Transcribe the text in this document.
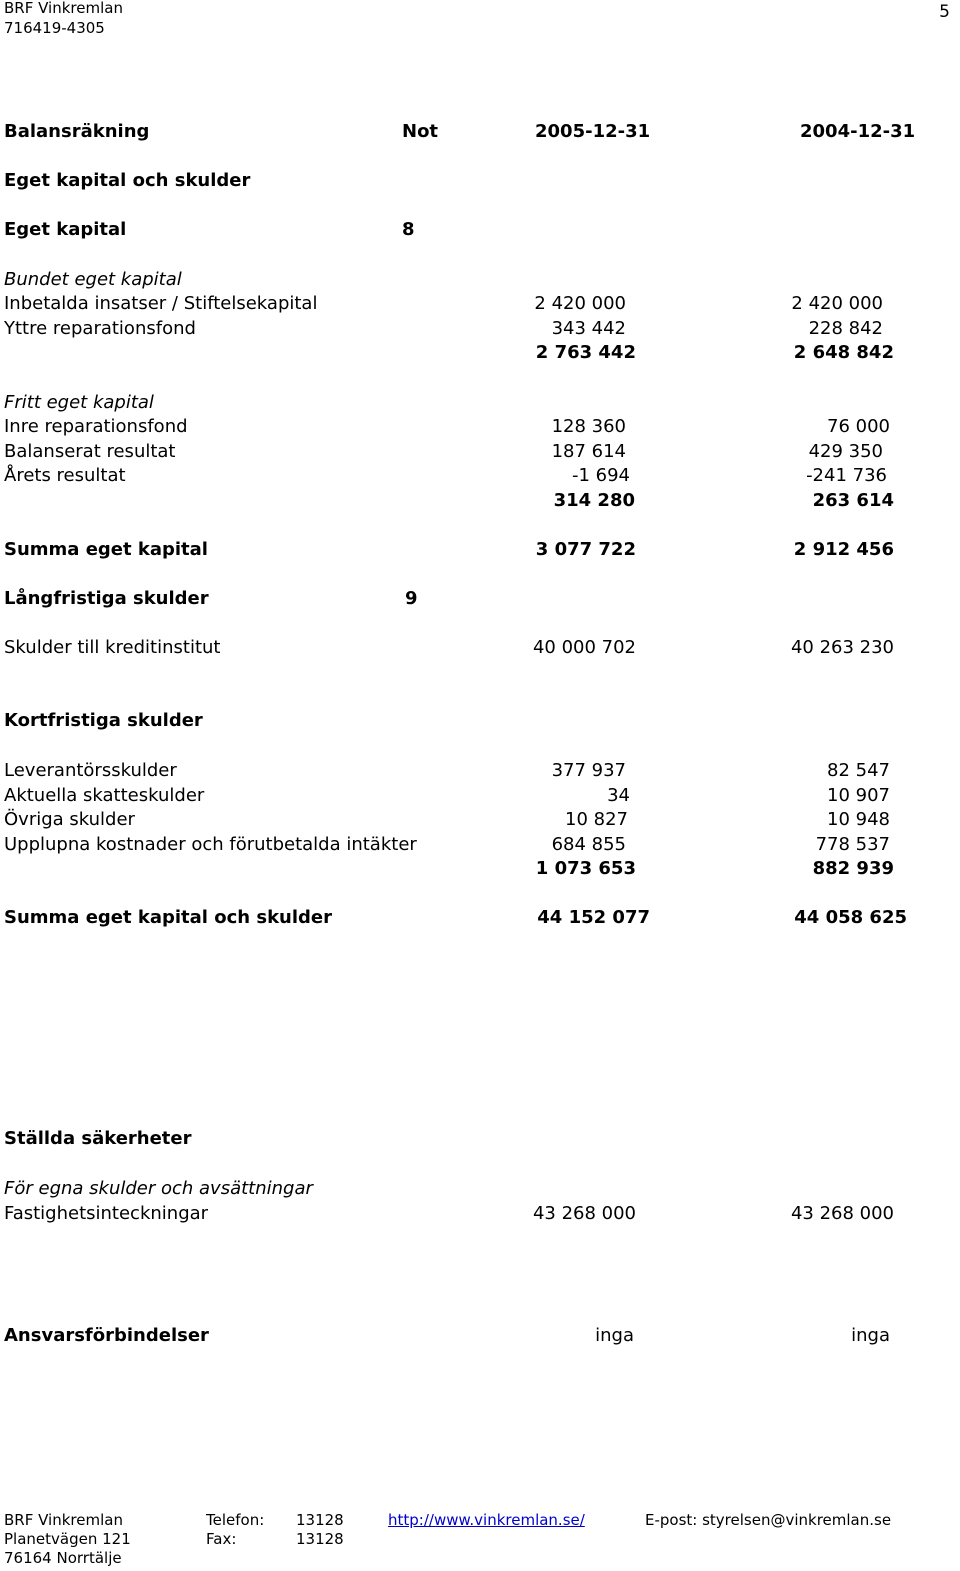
BRF Vinkremlan
716419-4305
5
Balansräkning	Not	2005-12-31	2004-12-31
Eget kapital och skulder
Eget kapital	8
Bundet eget kapital
Inbetalda insatser / Stiftelsekapital	2 420 000	2 420 000
Yttre reparationsfond	343 442	228 842
2 763 442	2 648 842
Fritt eget kapital
Inre reparationsfond	128 360	76 000
Balanserat resultat	187 614	429 350
Årets resultat	-1 694	-241 736
314 280	263 614
Summa eget kapital	3 077 722	2 912 456
Långfristiga skulder	9
Skulder till kreditinstitut	40 000 702	40 263 230
Kortfristiga skulder
Leverantörsskulder	377 937	82 547
Aktuella skatteskulder	34	10 907
Övriga skulder	10 827	10 948
Upplupna kostnader och förutbetalda intäkter	684 855	778 537
1 073 653	882 939
Summa eget kapital och skulder	44 152 077	44 058 625
Ställda säkerheter
För egna skulder och avsättningar
Fastighetsinteckningar	43 268 000	43 268 000
Ansvarsförbindelser	inga	inga
BRF Vinkremlan
Planetvägen 121
76164 Norrtälje
Telefon: 13128
Fax:	13128
http://www.vinkremlan.se/	E-post: styrelsen@vinkremlan.se
